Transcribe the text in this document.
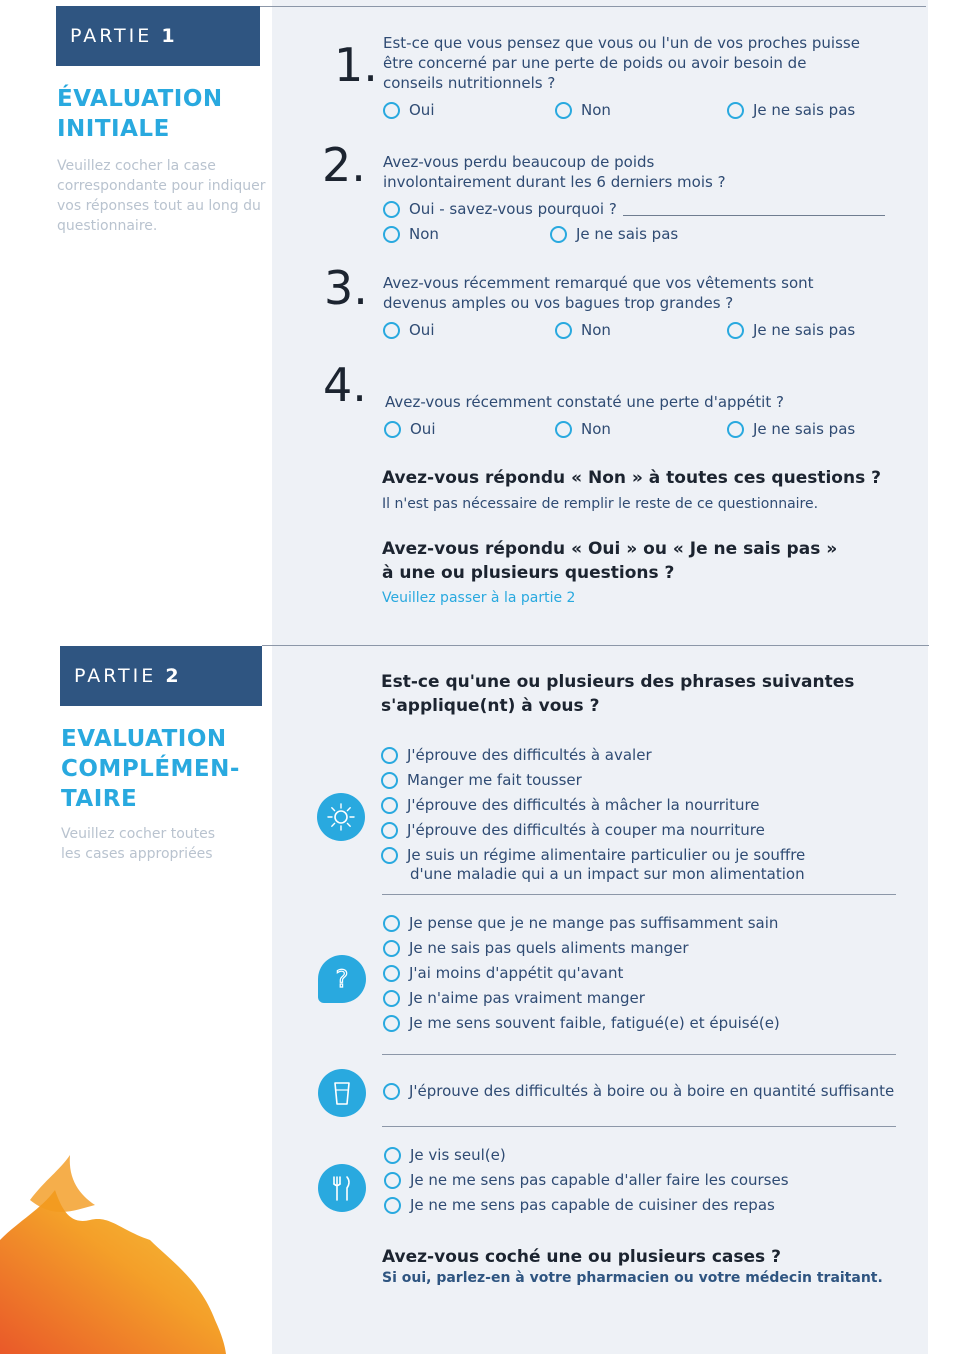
PARTIE 1
ÉVALUATION
INITIALE
Veuillez cocher la case correspondante pour indiquer vos réponses tout au long du questionnaire.
1. Est-ce que vous pensez que vous ou l'un de vos proches puisse être concerné par une perte de poids ou avoir besoin de conseils nutritionnels ?
Oui	Non	Je ne sais pas
2. Avez-vous perdu beaucoup de poids involontairement durant les 6 derniers mois ?
Oui - savez-vous pourquoi ?
Non	Je ne sais pas
3. Avez-vous récemment remarqué que vos vêtements sont devenus amples ou vos bagues trop grandes ?
Oui	Non	Je ne sais pas
4. Avez-vous récemment constaté une perte d'appétit ?
Oui	Non	Je ne sais pas
Avez-vous répondu « Non » à toutes ces questions ?
Il n'est pas nécessaire de remplir le reste de ce questionnaire.
Avez-vous répondu « Oui » ou « Je ne sais pas »
à une ou plusieurs questions ?
Veuillez passer à la partie 2
PARTIE 2
EVALUATION
COMPLÉMEN-
TAIRE
Veuillez cocher toutes les cases appropriées
Est-ce qu'une ou plusieurs des phrases suivantes
s'applique(nt) à vous ?
J'éprouve des difficultés à avaler
Manger me fait tousser
J'éprouve des difficultés à mâcher la nourriture
J'éprouve des difficultés à couper ma nourriture
Je suis un régime alimentaire particulier ou je souffre
d'une maladie qui a un impact sur mon alimentation
?
Je pense que je ne mange pas suffisamment sain
Je ne sais pas quels aliments manger
J'ai moins d'appétit qu'avant
Je n'aime pas vraiment manger
Je me sens souvent faible, fatigué(e) et épuisé(e)
J'éprouve des difficultés à boire ou à boire en quantité suffisante
Je vis seul(e)
Je ne me sens pas capable d'aller faire les courses
Je ne me sens pas capable de cuisiner des repas
Avez-vous coché une ou plusieurs cases ?
Si oui, parlez-en à votre pharmacien ou votre médecin traitant.
